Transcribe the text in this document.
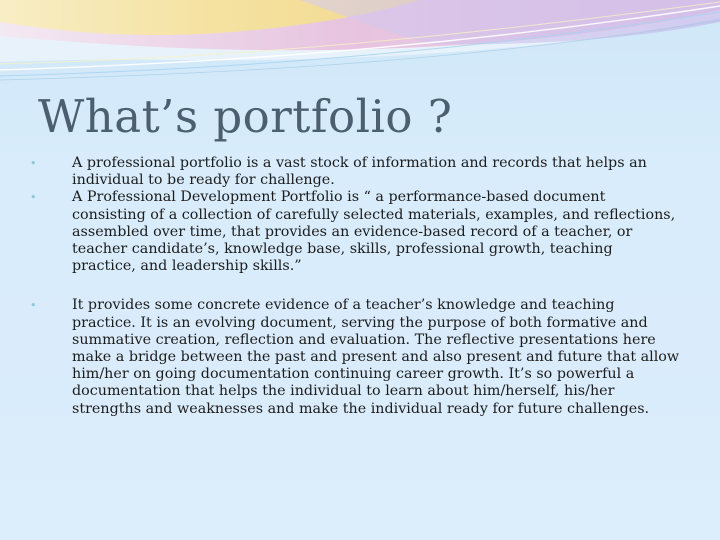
What’s portfolio ?

•	A professional portfolio is a vast stock of information and records that helps an individual to be ready for challenge.

•	A Professional Development Portfolio is “ a performance-based document consisting of a collection of carefully selected materials, examples, and reflections, assembled over time, that provides an evidence-based record of a teacher, or teacher candidate’s, knowledge base, skills, professional growth, teaching practice, and leadership skills.”

•	It provides some concrete evidence of a teacher’s knowledge and teaching practice. It is an evolving document, serving the purpose of both formative and summative creation, reflection and evaluation. The reflective presentations here make a bridge between the past and present and also present and future that allow him/her on going documentation continuing career growth. It’s so powerful a documentation that helps the individual to learn about him/herself, his/her strengths and weaknesses and make the individual ready for future challenges.
